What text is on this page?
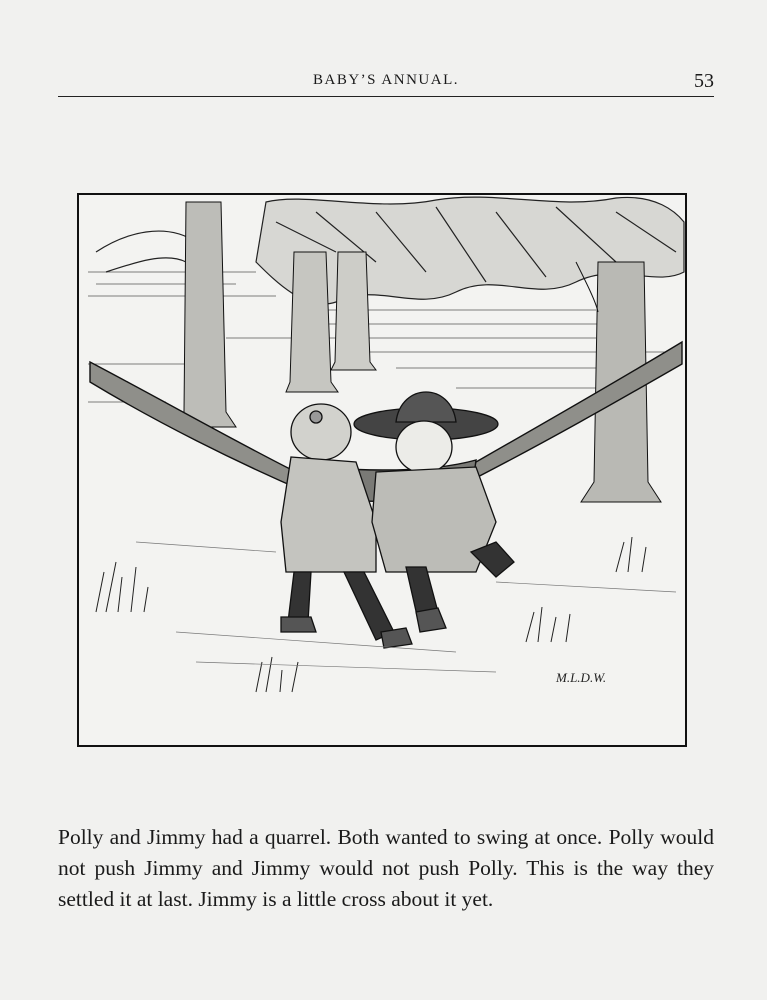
BABY’S ANNUAL.	53
M.L.D.W.

Polly and Jimmy had a quarrel. Both wanted to swing at once. Polly would not push Jimmy and Jimmy would not push Polly. This is the way they settled it at last. Jimmy is a little cross about it yet.
